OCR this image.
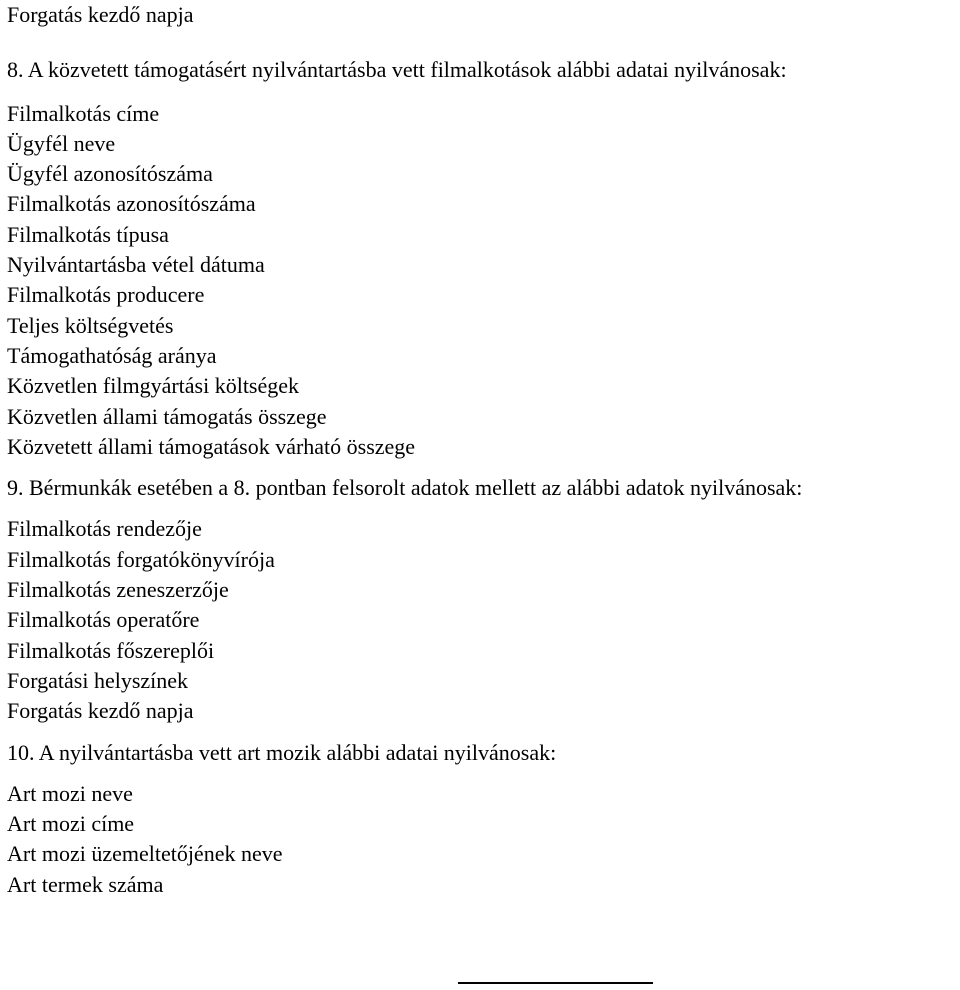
Forgatás kezdő napja
8. A közvetett támogatásért nyilvántartásba vett filmalkotások alábbi adatai nyilvánosak:
Filmalkotás címe
Ügyfél neve
Ügyfél azonosítószáma
Filmalkotás azonosítószáma
Filmalkotás típusa
Nyilvántartásba vétel dátuma
Filmalkotás producere
Teljes költségvetés
Támogathatóság aránya
Közvetlen filmgyártási költségek
Közvetlen állami támogatás összege
Közvetett állami támogatások várható összege
9. Bérmunkák esetében a 8. pontban felsorolt adatok mellett az alábbi adatok nyilvánosak:
Filmalkotás rendezője
Filmalkotás forgatókönyvírója
Filmalkotás zeneszerzője
Filmalkotás operatőre
Filmalkotás főszereplői
Forgatási helyszínek
Forgatás kezdő napja
10. A nyilvántartásba vett art mozik alábbi adatai nyilvánosak:
Art mozi neve
Art mozi címe
Art mozi üzemeltetőjének neve
Art termek száma
